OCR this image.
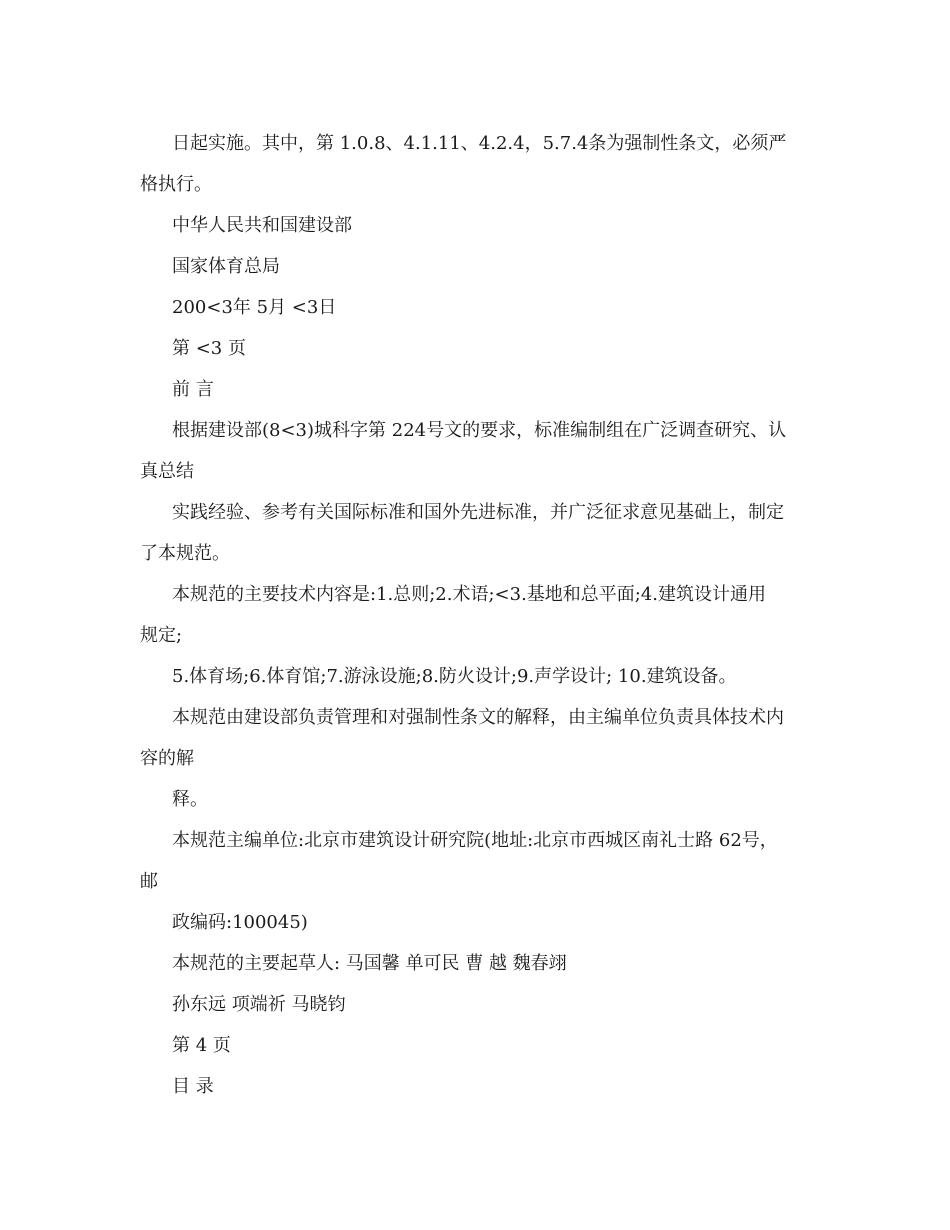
日起实施。其中，第 1.0.8、4.1.11、4.2.4，5.7.4条为强制性条文，必须严
格执行。
中华人民共和国建设部
国家体育总局
200<3年 5月 <3日
第 <3 页
前 言
根据建设部(8<3)城科字第 224号文的要求，标准编制组在广泛调查研究、认
真总结
实践经验、参考有关国际标准和国外先进标准，并广泛征求意见基础上，制定
了本规范。
本规范的主要技术内容是:1.总则;2.术语;<3.基地和总平面;4.建筑设计通用
规定;
5.体育场;6.体育馆;7.游泳设施;8.防火设计;9.声学设计; 10.建筑设备。
本规范由建设部负责管理和对强制性条文的解释，由主编单位负责具体技术内
容的解
释。
本规范主编单位:北京市建筑设计研究院(地址:北京市西城区南礼士路 62号，
邮
政编码:100045)
本规范的主要起草人: 马国馨 单可民 曹 越 魏春翊
孙东远 项端祈 马晓钧
第 4 页
目 录
